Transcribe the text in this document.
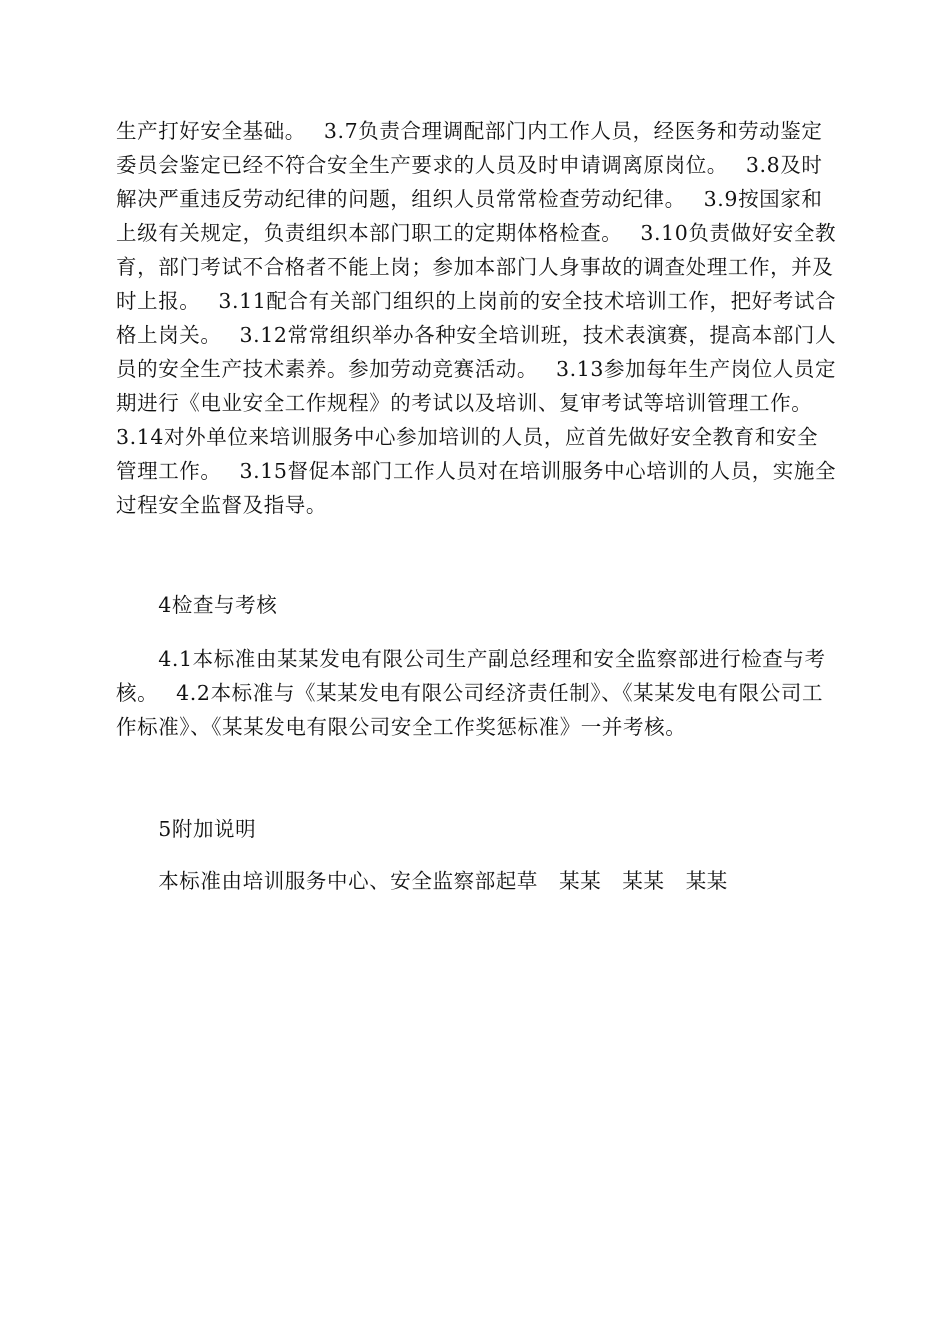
生产打好安全基础。　 3.7负责合理调配部门内工作人员，经医务和劳动鉴定委员会鉴定已经不符合安全生产要求的人员及时申请调离原岗位。　 3.8及时解决严重违反劳动纪律的问题，组织人员常常检查劳动纪律。　 3.9按国家和上级有关规定，负责组织本部门职工的定期体格检查。　 3.10负责做好安全教育，部门考试不合格者不能上岗；参加本部门人身事故的调查处理工作，并及时上报。　 3.11配合有关部门组织的上岗前的安全技术培训工作，把好考试合格上岗关。　 3.12常常组织举办各种安全培训班，技术表演赛，提高本部门人员的安全生产技术素养。参加劳动竞赛活动。　 3.13参加每年生产岗位人员定期进行《电业安全工作规程》的考试以及培训、复审考试等培训管理工作。　 3.14对外单位来培训服务中心参加培训的人员，应首先做好安全教育和安全管理工作。　 3.15督促本部门工作人员对在培训服务中心培训的人员，实施全过程安全监督及指导。

　　4检查与考核

　　4.1本标准由某某发电有限公司生产副总经理和安全监察部进行检查与考核。　 4.2本标准与《某某发电有限公司经济责任制》、《某某发电有限公司工作标准》、《某某发电有限公司安全工作奖惩标准》一并考核。

　　5附加说明

　　本标准由培训服务中心、安全监察部起草　某某　某某　某某
